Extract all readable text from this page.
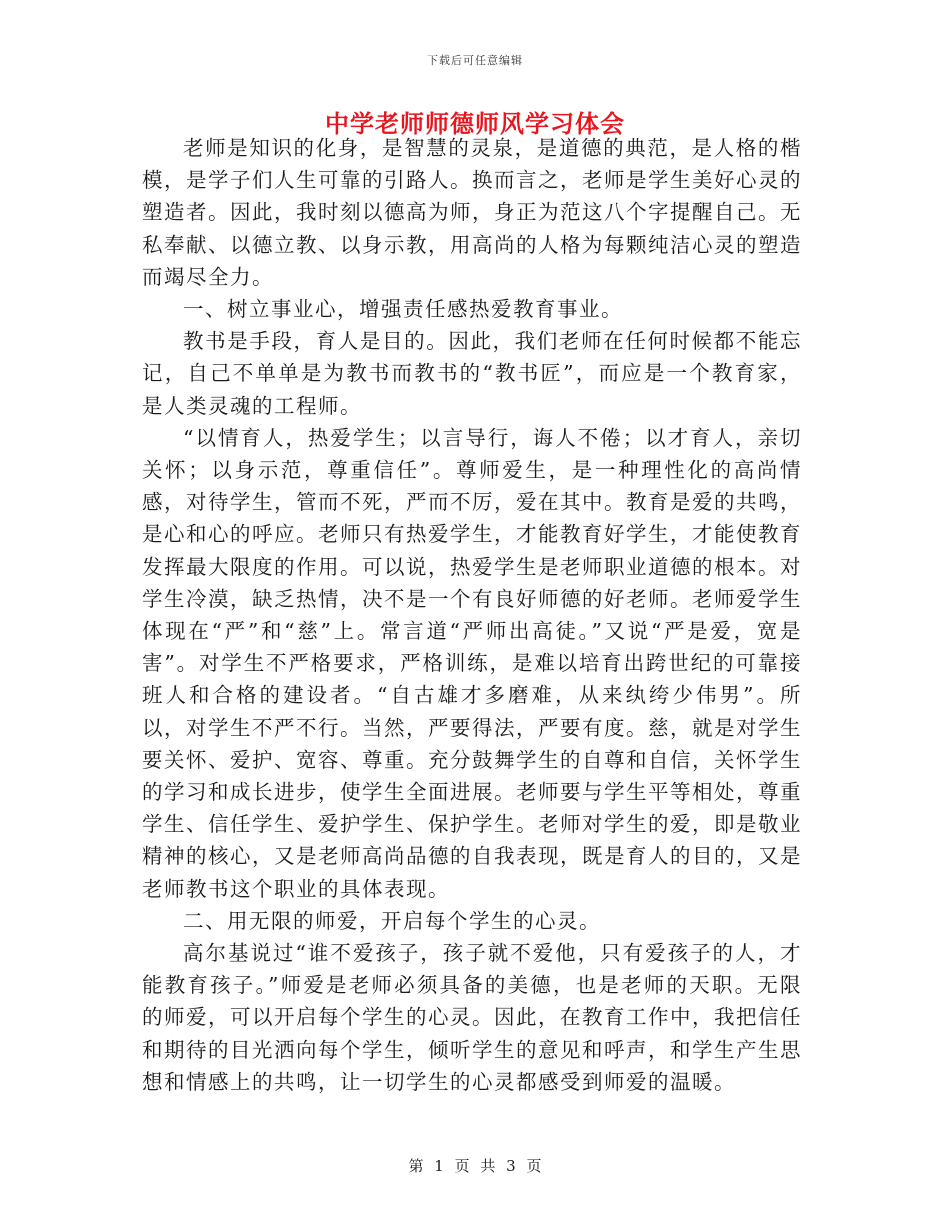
下载后可任意编辑
中学老师师德师风学习体会

老师是知识的化身，是智慧的灵泉，是道德的典范，是人格的楷模，是学子们人生可靠的引路人。换而言之，老师是学生美好心灵的塑造者。因此，我时刻以德高为师，身正为范这八个字提醒自己。无私奉献、以德立教、以身示教，用高尚的人格为每颗纯洁心灵的塑造而竭尽全力。

一、树立事业心，增强责任感热爱教育事业。

教书是手段，育人是目的。因此，我们老师在任何时候都不能忘记，自己不单单是为教书而教书的“教书匠”，而应是一个教育家，是人类灵魂的工程师。

“以情育人，热爱学生；以言导行，诲人不倦；以才育人，亲切关怀；以身示范，尊重信任”。尊师爱生，是一种理性化的高尚情感，对待学生，管而不死，严而不厉，爱在其中。教育是爱的共鸣，是心和心的呼应。老师只有热爱学生，才能教育好学生，才能使教育发挥最大限度的作用。可以说，热爱学生是老师职业道德的根本。对学生冷漠，缺乏热情，决不是一个有良好师德的好老师。老师爱学生体现在“严”和“慈”上。常言道“严师出高徒。”又说“严是爱，宽是害”。对学生不严格要求，严格训练，是难以培育出跨世纪的可靠接班人和合格的建设者。“自古雄才多磨难，从来纨绔少伟男”。所以，对学生不严不行。当然，严要得法，严要有度。慈，就是对学生要关怀、爱护、宽容、尊重。充分鼓舞学生的自尊和自信，关怀学生的学习和成长进步，使学生全面进展。老师要与学生平等相处，尊重学生、信任学生、爱护学生、保护学生。老师对学生的爱，即是敬业精神的核心，又是老师高尚品德的自我表现，既是育人的目的，又是老师教书这个职业的具体表现。

二、用无限的师爱，开启每个学生的心灵。

高尔基说过“谁不爱孩子，孩子就不爱他，只有爱孩子的人，才能教育孩子。”师爱是老师必须具备的美德，也是老师的天职。无限的师爱，可以开启每个学生的心灵。因此，在教育工作中，我把信任和期待的目光洒向每个学生，倾听学生的意见和呼声，和学生产生思想和情感上的共鸣，让一切学生的心灵都感受到师爱的温暖。

第 1 页 共 3 页
